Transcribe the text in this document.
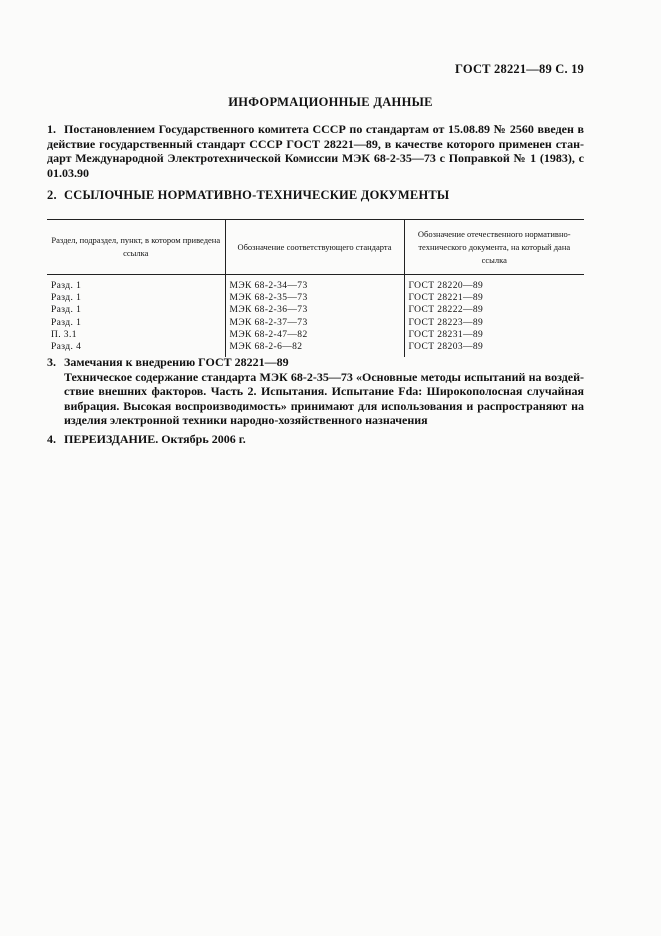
ГОСТ 28221—89 С. 19
ИНФОРМАЦИОННЫЕ ДАННЫЕ
1. Постановлением Государственного комитета СССР по стандартам от 15.08.89 № 2560 введен в действие государственный стандарт СССР ГОСТ 28221—89, в качестве которого применен стандарт Международной Электротехнической Комиссии МЭК 68-2-35—73 с Поправкой № 1 (1983), с 01.03.90
2. ССЫЛОЧНЫЕ НОРМАТИВНО-ТЕХНИЧЕСКИЕ ДОКУМЕНТЫ
Раздел, подраздел, пункт, в котором приведена ссылка	Обозначение соответствующего стандарта	Обозначение отечественного нормативно-технического документа, на который дана ссылка
Разд. 1	МЭК 68-2-34—73	ГОСТ 28220—89
Разд. 1	МЭК 68-2-35—73	ГОСТ 28221—89
Разд. 1	МЭК 68-2-36—73	ГОСТ 28222—89
Разд. 1	МЭК 68-2-37—73	ГОСТ 28223—89
П. 3.1	МЭК 68-2-47—82	ГОСТ 28231—89
Разд. 4	МЭК 68-2-6—82	ГОСТ 28203—89
3. Замечания к внедрению ГОСТ 28221—89
Техническое содержание стандарта МЭК 68-2-35—73 «Основные методы испытаний на воздействие внешних факторов. Часть 2. Испытания. Испытание Fda: Широкополосная случайная вибрация. Высокая воспроизводимость» принимают для использования и распространяют на изделия электронной техники народно-хозяйственного назначения
4. ПЕРЕИЗДАНИЕ. Октябрь 2006 г.
